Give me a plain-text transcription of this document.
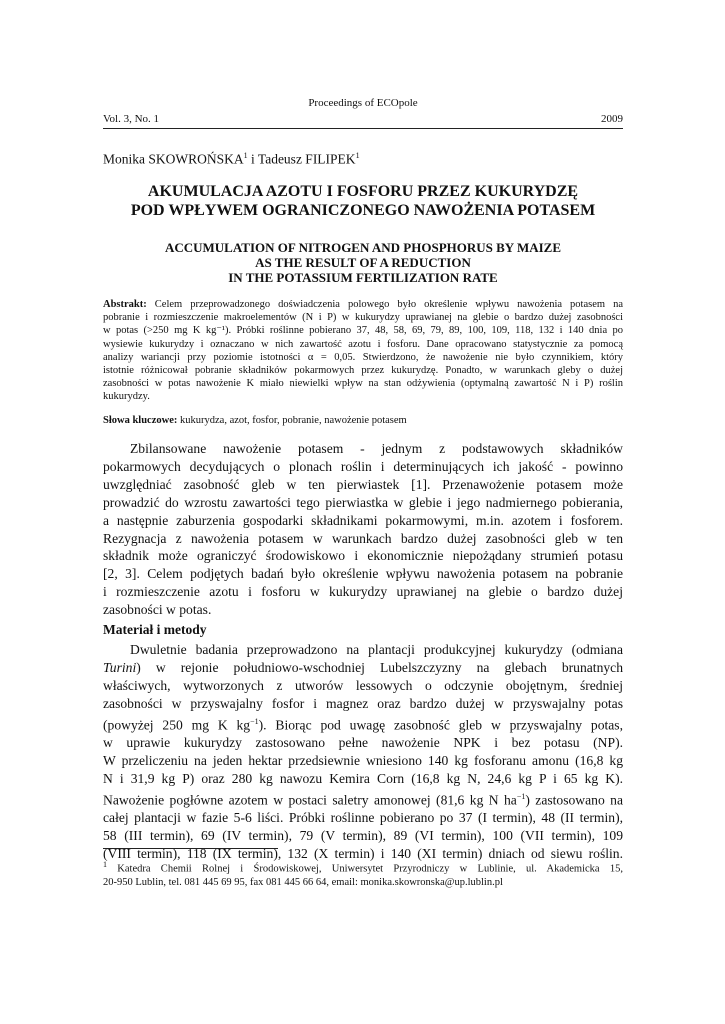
Proceedings of ECOpole
Vol. 3, No. 1	2009
Monika SKOWROŃSKA$^1$ i Tadeusz FILIPEK$^1$
AKUMULACJA AZOTU I FOSFORU PRZEZ KUKURYDZĘ
POD WPŁYWEM OGRANICZONEGO NAWOŻENIA POTASEM
ACCUMULATION OF NITROGEN AND PHOSPHORUS BY MAIZE
AS THE RESULT OF A REDUCTION
IN THE POTASSIUM FERTILIZATION RATE
Abstrakt: Celem przeprowadzonego doświadczenia polowego było określenie wpływu nawożenia potasem na
pobranie i rozmieszczenie makroelementów (N i P) w kukurydzy uprawianej na glebie o bardzo dużej zasobności
w potas (>250 mg K kg⁻¹). Próbki roślinne pobierano 37, 48, 58, 69, 79, 89, 100, 109, 118, 132 i 140 dnia po
wysiewie kukurydzy i oznaczano w nich zawartość azotu i fosforu. Dane opracowano statystycznie za pomocą
analizy wariancji przy poziomie istotności α = 0,05. Stwierdzono, że nawożenie nie było czynnikiem, który
istotnie różnicował pobranie składników pokarmowych przez kukurydzę. Ponadto, w warunkach gleby o dużej
zasobności w potas nawożenie K miało niewielki wpływ na stan odżywienia (optymalną zawartość N i P) roślin
kukurydzy.
Słowa kluczowe: kukurydza, azot, fosfor, pobranie, nawożenie potasem
Zbilansowane nawożenie potasem - jednym z podstawowych składników
pokarmowych decydujących o plonach roślin i determinujących ich jakość - powinno
uwzględniać zasobność gleb w ten pierwiastek [1]. Przenawożenie potasem może
prowadzić do wzrostu zawartości tego pierwiastka w glebie i jego nadmiernego pobierania,
a następnie zaburzenia gospodarki składnikami pokarmowymi, m.in. azotem i fosforem.
Rezygnacja z nawożenia potasem w warunkach bardzo dużej zasobności gleb w ten
składnik może ograniczyć środowiskowo i ekonomicznie niepożądany strumień potasu
[2, 3]. Celem podjętych badań było określenie wpływu nawożenia potasem na pobranie
i rozmieszczenie azotu i fosforu w kukurydzy uprawianej na glebie o bardzo dużej
zasobności w potas.
Materiał i metody
Dwuletnie badania przeprowadzono na plantacji produkcyjnej kukurydzy (odmiana
Turini) w rejonie południowo-wschodniej Lubelszczyzny na glebach brunatnych
właściwych, wytworzonych z utworów lessowych o odczynie obojętnym, średniej
zasobności w przyswajalny fosfor i magnez oraz bardzo dużej w przyswajalny potas
(powyżej 250 mg K $kg^{-1}$). Biorąc pod uwagę zasobność gleb w przyswajalny potas,
w uprawie kukurydzy zastosowano pełne nawożenie NPK i bez potasu (NP).
W przeliczeniu na jeden hektar przedsiewnie wniesiono 140 kg fosforanu amonu (16,8 kg
N i 31,9 kg P) oraz 280 kg nawozu Kemira Corn (16,8 kg N, 24,6 kg P i 65 kg K).
Nawożenie pogłówne azotem w postaci saletry amonowej (81,6 kg N $ha^{-1}$) zastosowano na
całej plantacji w fazie 5-6 liści. Próbki roślinne pobierano po 37 (I termin), 48 (II termin),
58 (III termin), 69 (IV termin), 79 (V termin), 89 (VI termin), 100 (VII termin), 109
(VIII termin), 118 (IX termin), 132 (X termin) i 140 (XI termin) dniach od siewu roślin.
$^1$ Katedra Chemii Rolnej i Środowiskowej, Uniwersytet Przyrodniczy w Lublinie, ul. Akademicka 15,
20-950 Lublin, tel. 081 445 69 95, fax 081 445 66 64, email: monika.skowronska@up.lublin.pl
